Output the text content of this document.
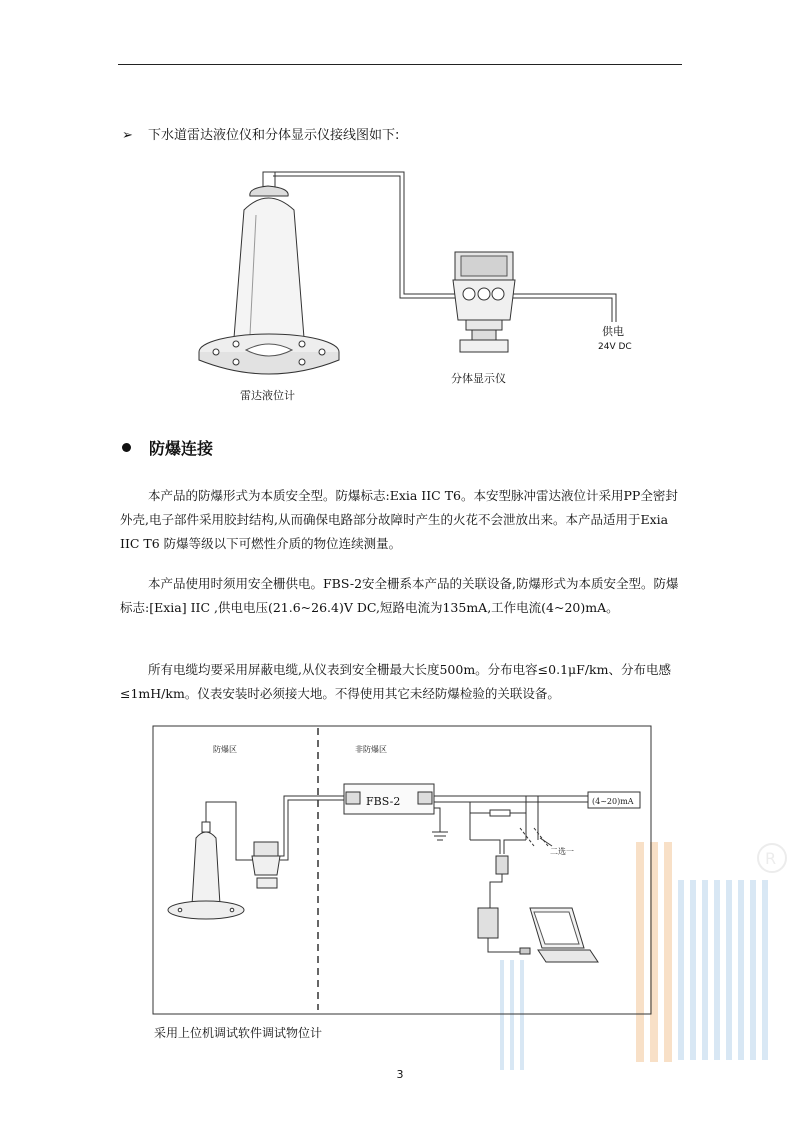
➢ 下水道雷达液位仪和分体显示仪接线图如下:
R
雷达液位计
分体显示仪
供电
24V DC
防爆区	非防爆区
FBS-2	(4~20)mA
二选一
防爆连接
本产品的防爆形式为本质安全型。防爆标志:Exia IIC T6。本安型脉冲雷达液位计采用PP全密封外壳,电子部件采用胶封结构,从而确保电路部分故障时产生的火花不会泄放出来。本产品适用于Exia IIC T6 防爆等级以下可燃性介质的物位连续测量。
本产品使用时须用安全栅供电。FBS-2安全栅系本产品的关联设备,防爆形式为本质安全型。防爆标志:[Exia] IIC ,供电电压(21.6~26.4)V DC,短路电流为135mA,工作电流(4~20)mA。
所有电缆均要采用屏蔽电缆,从仪表到安全栅最大长度500m。分布电容≤0.1μF/km、分布电感≤1mH/km。仪表安装时必须接大地。不得使用其它未经防爆检验的关联设备。
采用上位机调试软件调试物位计
3
